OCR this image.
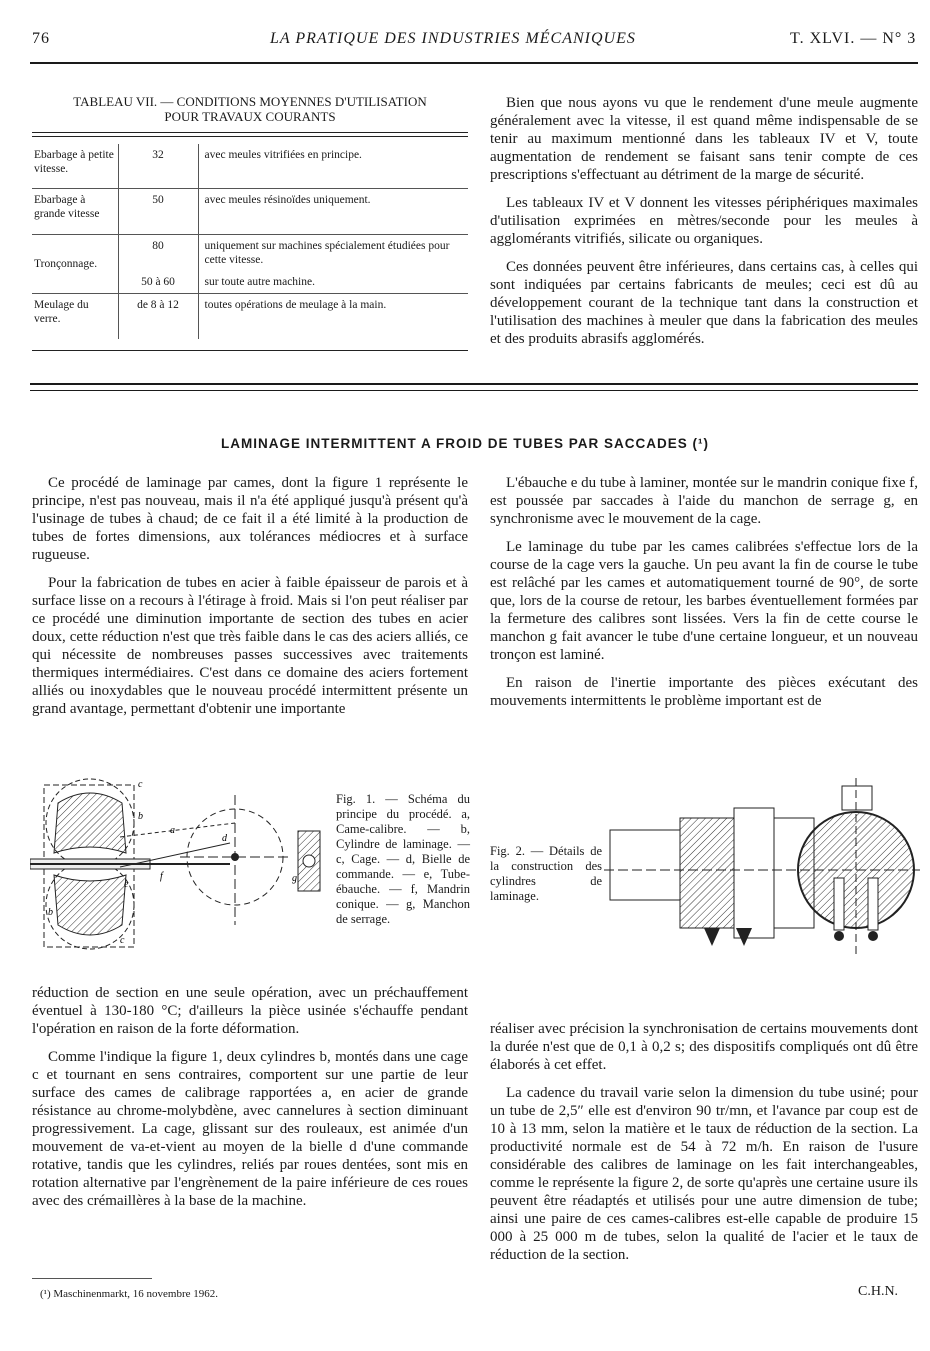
76	LA PRATIQUE DES INDUSTRIES MÉCANIQUES	T. XLVI. — N° 3
TABLEAU VII. — CONDITIONS MOYENNES D'UTILISATION
POUR TRAVAUX COURANTS
Ebarbage à petite vitesse.	32	avec meules vitrifiées en principe.
Ebarbage à grande vitesse	50	avec meules résinoïdes uniquement.
Tronçonnage.	80	uniquement sur machines spécialement étudiées pour cette vitesse.
	50 à 60	sur toute autre machine.
Meulage du verre.	de 8 à 12	toutes opérations de meulage à la main.

Bien que nous ayons vu que le rendement d'une meule augmente généralement avec la vitesse, il est quand même indispensable de se tenir au maximum mentionné dans les tableaux IV et V, toute augmentation de rendement se faisant sans tenir compte de ces prescriptions s'effectuant au détriment de la marge de sécurité.

Les tableaux IV et V donnent les vitesses périphériques maximales d'utilisation exprimées en mètres/seconde pour les meules à agglomérants vitrifiés, silicate ou organiques.

Ces données peuvent être inférieures, dans certains cas, à celles qui sont indiquées par certains fabricants de meules; ceci est dû au développement courant de la technique tant dans la construction et l'utilisation des machines à meuler que dans la fabrication des meules et des produits abrasifs agglomérés.

LAMINAGE INTERMITTENT A FROID DE TUBES PAR SACCADES (¹)

Ce procédé de laminage par cames, dont la figure 1 représente le principe, n'est pas nouveau, mais il n'a été appliqué jusqu'à présent qu'à l'usinage de tubes à chaud; de ce fait il a été limité à la production de tubes de fortes dimensions, aux tolérances médiocres et à surface rugueuse.

Pour la fabrication de tubes en acier à faible épaisseur de parois et à surface lisse on a recours à l'étirage à froid. Mais si l'on peut réaliser par ce procédé une diminution importante de section des tubes en acier doux, cette réduction n'est que très faible dans le cas des aciers alliés, ce qui nécessite de nombreuses passes successives avec traitements thermiques intermédiaires. C'est dans ce domaine des aciers fortement alliés ou inoxydables que le nouveau procédé intermittent présente un grand avantage, permettant d'obtenir une importante

L'ébauche e du tube à laminer, montée sur le mandrin conique fixe f, est poussée par saccades à l'aide du manchon de serrage g, en synchronisme avec le mouvement de la cage.

Le laminage du tube par les cames calibrées s'effectue lors de la course de la cage vers la gauche. Un peu avant la fin de course le tube est relâché par les cames et automatiquement tourné de 90°, de sorte que, lors de la course de retour, les barbes éventuellement formées par la fermeture des calibres sont lissées. Vers la fin de cette course le manchon g fait avancer le tube d'une certaine longueur, et un nouveau tronçon est laminé.

En raison de l'inertie importante des pièces exécutant des mouvements intermittents le problème important est de

c
b
a
d
g
e
f
c
b
Fig. 1. — Schéma du principe du procédé. a, Came-calibre. — b, Cylindre de laminage. — c, Cage. — d, Bielle de commande. — e, Tube-ébauche. — f, Mandrin conique. — g, Manchon de serrage.
Fig. 2. — Détails de la construction des cylindres de laminage.

réduction de section en une seule opération, avec un préchauffement éventuel à 130-180 °C; d'ailleurs la pièce usinée s'échauffe pendant l'opération en raison de la forte déformation.

Comme l'indique la figure 1, deux cylindres b, montés dans une cage c et tournant en sens contraires, comportent sur une partie de leur surface des cames de calibrage rapportées a, en acier de grande résistance au chrome-molybdène, avec cannelures à section diminuant progressivement. La cage, glissant sur des rouleaux, est animée d'un mouvement de va-et-vient au moyen de la bielle d d'une commande rotative, tandis que les cylindres, reliés par roues dentées, sont mis en rotation alternative par l'engrènement de la paire inférieure de ces roues avec des crémaillères à la base de la machine.

réaliser avec précision la synchronisation de certains mouvements dont la durée n'est que de 0,1 à 0,2 s; des dispositifs compliqués ont dû être élaborés à cet effet.

La cadence du travail varie selon la dimension du tube usiné; pour un tube de 2,5″ elle est d'environ 90 tr/mn, et l'avance par coup est de 10 à 13 mm, selon la matière et le taux de réduction de la section. La productivité normale est de 54 à 72 m/h. En raison de l'usure considérable des calibres de laminage on les fait interchangeables, comme le représente la figure 2, de sorte qu'après une certaine usure ils peuvent être réadaptés et utilisés pour une autre dimension de tube; ainsi une paire de ces cames-calibres est-elle capable de produire 15 000 à 25 000 m de tubes, selon la qualité de l'acier et le taux de réduction de la section.

(¹) Maschinenmarkt, 16 novembre 1962.	C.H.N.
